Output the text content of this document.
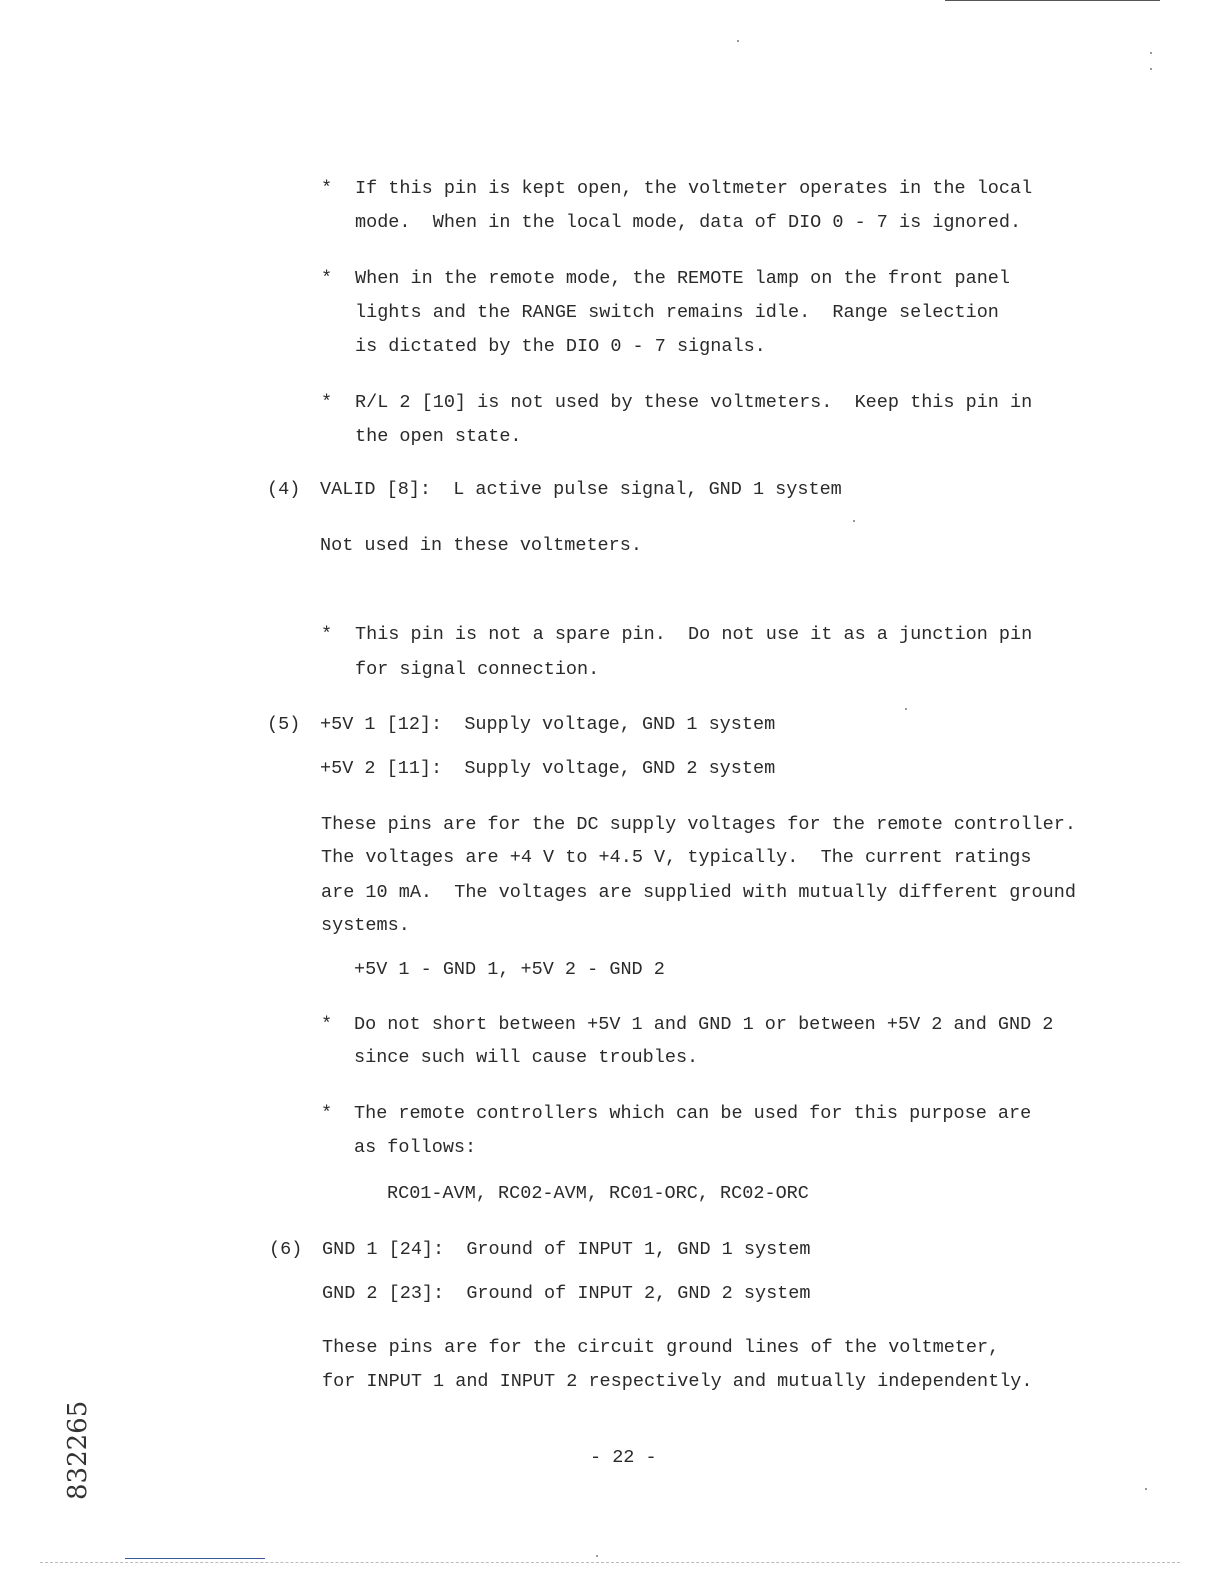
* If this pin is kept open, the voltmeter operates in the local
mode.  When in the local mode, data of DIO 0 - 7 is ignored.
* When in the remote mode, the REMOTE lamp on the front panel
lights and the RANGE switch remains idle.  Range selection
is dictated by the DIO 0 - 7 signals.
* R/L 2 [10] is not used by these voltmeters.  Keep this pin in
the open state.
(4) VALID [8]:  L active pulse signal, GND 1 system
Not used in these voltmeters.
* This pin is not a spare pin.  Do not use it as a junction pin
for signal connection.
(5) +5V 1 [12]:  Supply voltage, GND 1 system
+5V 2 [11]:  Supply voltage, GND 2 system
These pins are for the DC supply voltages for the remote controller.
The voltages are +4 V to +4.5 V, typically.  The current ratings
are 10 mA.  The voltages are supplied with mutually different ground
systems.
+5V 1 - GND 1, +5V 2 - GND 2
* Do not short between +5V 1 and GND 1 or between +5V 2 and GND 2
since such will cause troubles.
* The remote controllers which can be used for this purpose are
as follows:
RC01-AVM, RC02-AVM, RC01-ORC, RC02-ORC
(6) GND 1 [24]:  Ground of INPUT 1, GND 1 system
GND 2 [23]:  Ground of INPUT 2, GND 2 system
These pins are for the circuit ground lines of the voltmeter,
for INPUT 1 and INPUT 2 respectively and mutually independently.
- 22 -
832265
